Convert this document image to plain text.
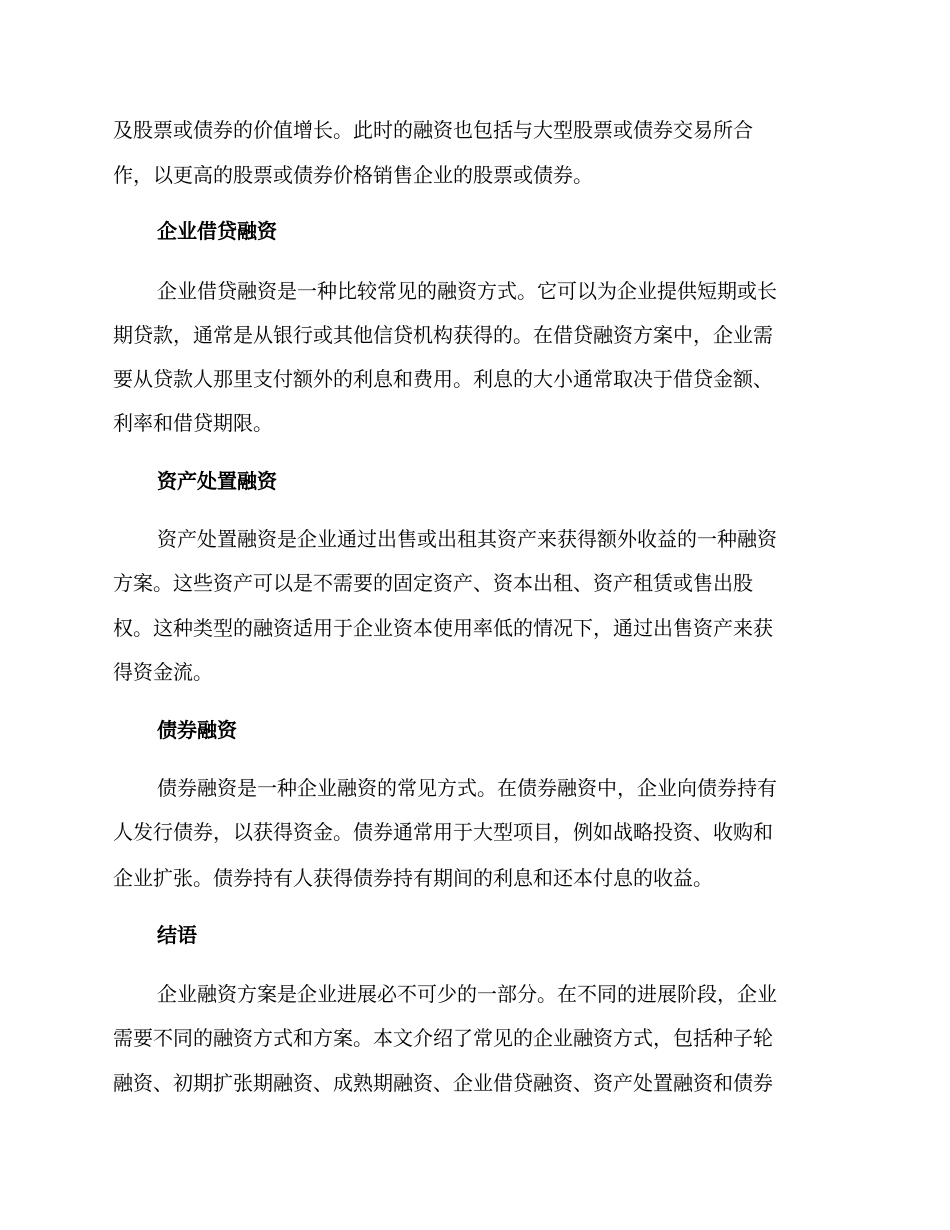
及股票或债券的价值增长。此时的融资也包括与大型股票或债券交易所合

作，以更高的股票或债券价格销售企业的股票或债券。

企业借贷融资

企业借贷融资是一种比较常见的融资方式。它可以为企业提供短期或长

期贷款，通常是从银行或其他信贷机构获得的。在借贷融资方案中，企业需

要从贷款人那里支付额外的利息和费用。利息的大小通常取决于借贷金额、

利率和借贷期限。

资产处置融资

资产处置融资是企业通过出售或出租其资产来获得额外收益的一种融资

方案。这些资产可以是不需要的固定资产、资本出租、资产租赁或售出股

权。这种类型的融资适用于企业资本使用率低的情况下，通过出售资产来获

得资金流。

债券融资

债券融资是一种企业融资的常见方式。在债券融资中，企业向债券持有

人发行债券，以获得资金。债券通常用于大型项目，例如战略投资、收购和

企业扩张。债券持有人获得债券持有期间的利息和还本付息的收益。

结语

企业融资方案是企业进展必不可少的一部分。在不同的进展阶段，企业

需要不同的融资方式和方案。本文介绍了常见的企业融资方式，包括种子轮

融资、初期扩张期融资、成熟期融资、企业借贷融资、资产处置融资和债券
